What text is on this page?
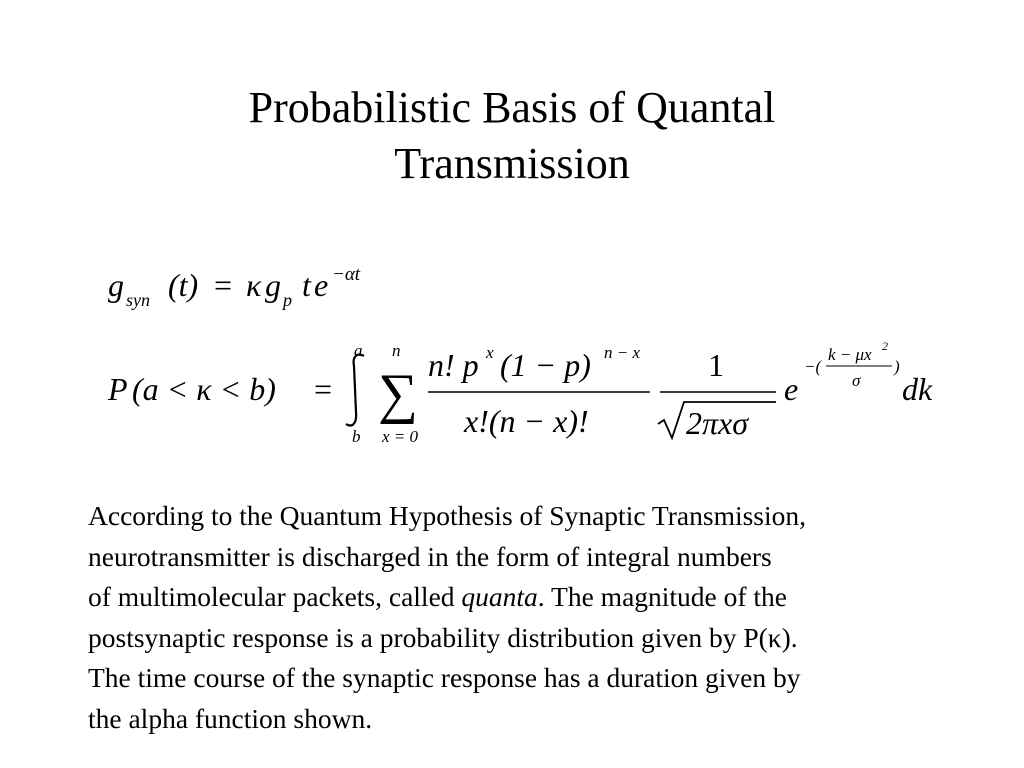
Probabilistic Basis of Quantal
Transmission
g syn (t) = κ g p t e −αt
P (a < κ < b) =
a
b
∑
n
x = 0
n! p x (1 − p) n − x
x!(n − x)!
1
2πxσ
e
−(
k − μx 2
σ
)
dk

According to the Quantum Hypothesis of Synaptic Transmission,

neurotransmitter is discharged in the form of integral numbers

of multimolecular packets, called quanta. The magnitude of the

postsynaptic response is a probability distribution given by P(κ).

The time course of the synaptic response has a duration given by

the alpha function shown.
